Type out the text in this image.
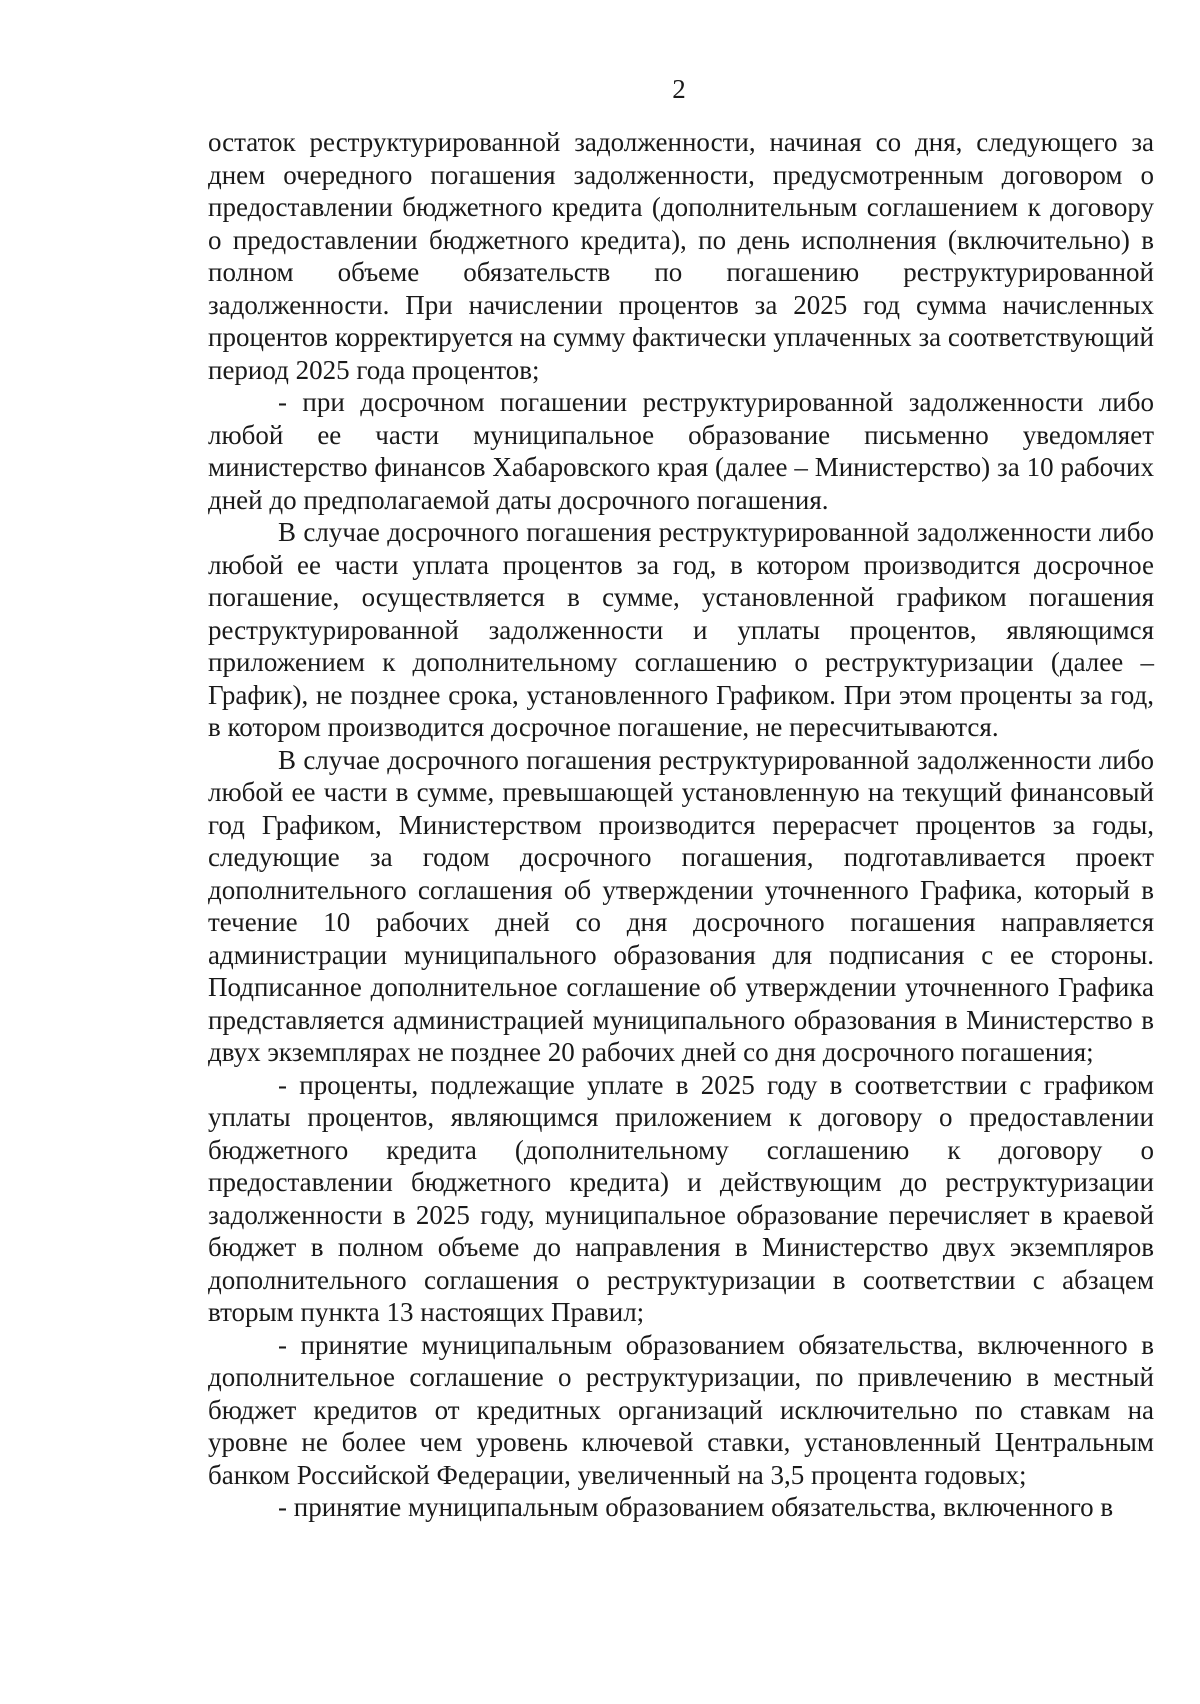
2

остаток реструктурированной задолженности, начиная со дня, следующего за днем очередного погашения задолженности, предусмотренным договором о предоставлении бюджетного кредита (дополнительным соглашением к договору о предоставлении бюджетного кредита), по день исполнения (включительно) в полном объеме обязательств по погашению реструктурированной задолженности. При начислении процентов за 2025 год сумма начисленных процентов корректируется на сумму фактически уплаченных за соответствующий период 2025 года процентов;

- при досрочном погашении реструктурированной задолженности либо любой ее части муниципальное образование письменно уведомляет министерство финансов Хабаровского края (далее – Министерство) за 10 рабочих дней до предполагаемой даты досрочного погашения.

В случае досрочного погашения реструктурированной задолженности либо любой ее части уплата процентов за год, в котором производится досрочное погашение, осуществляется в сумме, установленной графиком погашения реструктурированной задолженности и уплаты процентов, являющимся приложением к дополнительному соглашению о реструктуризации (далее – График), не позднее срока, установленного Графиком. При этом проценты за год, в котором производится досрочное погашение, не пересчитываются.

В случае досрочного погашения реструктурированной задолженности либо любой ее части в сумме, превышающей установленную на текущий финансовый год Графиком, Министерством производится перерасчет процентов за годы, следующие за годом досрочного погашения, подготавливается проект дополнительного соглашения об утверждении уточненного Графика, который в течение 10 рабочих дней со дня досрочного погашения направляется администрации муниципального образования для подписания с ее стороны. Подписанное дополнительное соглашение об утверждении уточненного Графика представляется администрацией муниципального образования в Министерство в двух экземплярах не позднее 20 рабочих дней со дня досрочного погашения;

- проценты, подлежащие уплате в 2025 году в соответствии с графиком уплаты процентов, являющимся приложением к договору о предоставлении бюджетного кредита (дополнительному соглашению к договору о предоставлении бюджетного кредита) и действующим до реструктуризации задолженности в 2025 году, муниципальное образование перечисляет в краевой бюджет в полном объеме до направления в Министерство двух экземпляров дополнительного соглашения о реструктуризации в соответствии с абзацем вторым пункта 13 настоящих Правил;

- принятие муниципальным образованием обязательства, включенного в дополнительное соглашение о реструктуризации, по привлечению в местный бюджет кредитов от кредитных организаций исключительно по ставкам на уровне не более чем уровень ключевой ставки, установленный Центральным банком Российской Федерации, увеличенный на 3,5 процента годовых;

- принятие муниципальным образованием обязательства, включенного в
